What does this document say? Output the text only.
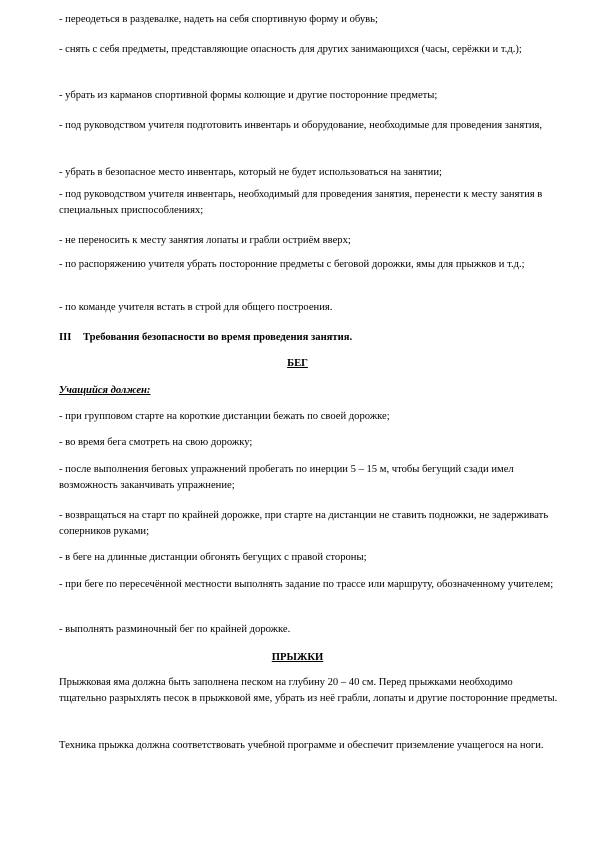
- переодеться в раздевалке, надеть на себя спортивную форму и обувь;

- снять с себя предметы, представляющие опасность для других занимающихся (часы, серёжки и т.д.);

- убрать из карманов спортивной формы колющие и другие посторонние предметы;

- под руководством учителя подготовить инвентарь и оборудование, необходимые для проведения занятия,

- убрать в безопасное место инвентарь, который не будет использоваться на занятии;

- под руководством учителя инвентарь, необходимый для проведения занятия, перенести к месту занятия в специальных приспособлениях;

- не переносить к месту занятия лопаты и грабли остриём вверх;

- по распоряжению учителя убрать посторонние предметы с беговой дорожки, ямы для прыжков и т.д.;

- по команде учителя встать в строй для общего построения.

III Требования безопасности во время проведения занятия.

БЕГ

Учащийся должен:

- при групповом старте на короткие дистанции бежать по своей дорожке;

- во время бега смотреть на свою дорожку;

- после выполнения беговых упражнений пробегать по инерции 5 – 15 м, чтобы бегущий сзади имел возможность заканчивать упражнение;

- возвращаться на старт по крайней дорожке, при старте на дистанции не ставить подножки, не задерживать соперников руками;

- в беге на длинные дистанции обгонять бегущих с правой стороны;

- при беге по пересечённой местности выполнять задание по трассе или маршруту, обозначенному учителем;

- выполнять разминочный бег по крайней дорожке.

ПРЫЖКИ

Прыжковая яма должна быть заполнена песком на глубину 20 – 40 см. Перед прыжками необходимо тщательно разрыхлять песок в прыжковой яме, убрать из неё грабли, лопаты и другие посторонние предметы.

Техника прыжка должна соответствовать учебной программе и обеспечит приземление учащегося на ноги.
